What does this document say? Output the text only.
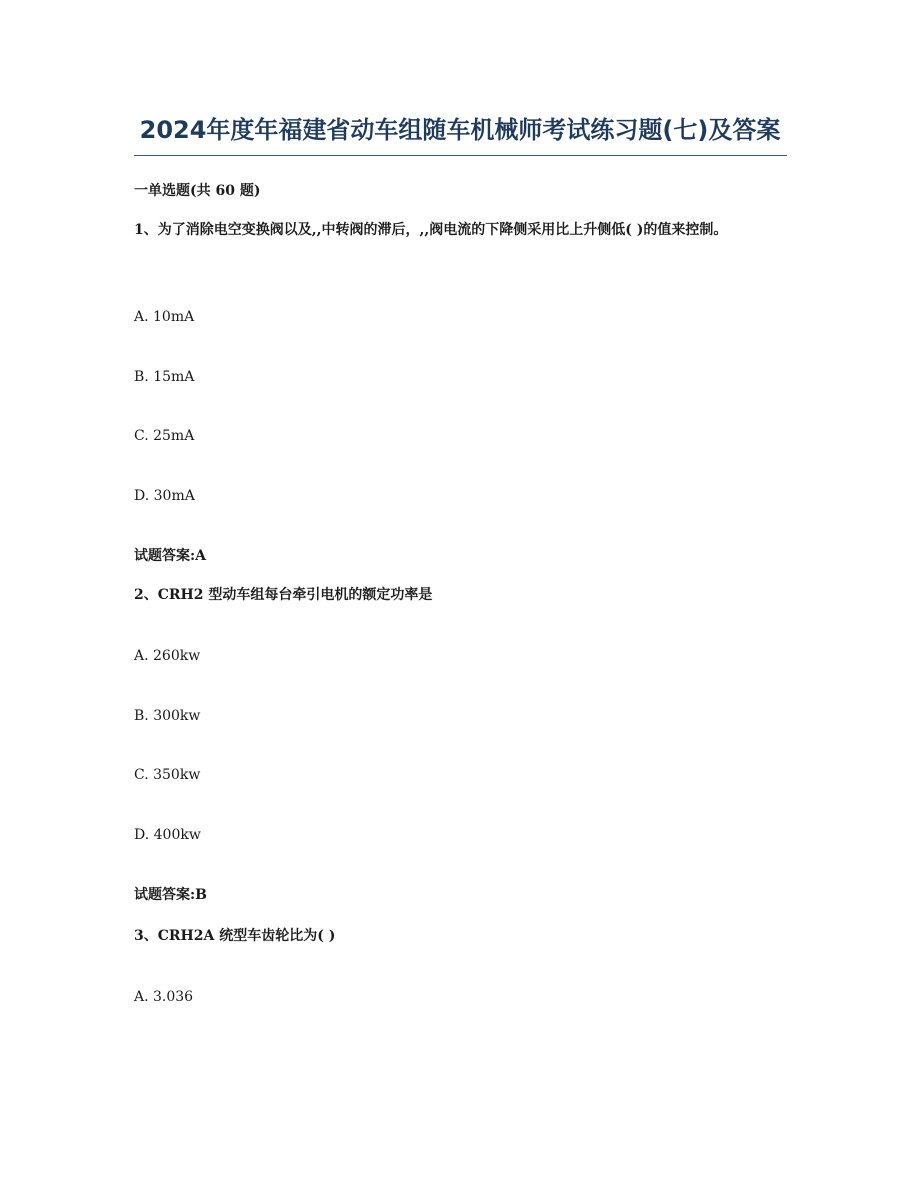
2024年度年福建省动车组随车机械师考试练习题(七)及答案
一单选题(共 60 题)
1、为了消除电空变换阀以及,,中转阀的滞后，,,阀电流的下降侧采用比上升侧低( )的值来控制。
A. 10mA
B. 15mA
C. 25mA
D. 30mA
试题答案:A
2、CRH2 型动车组每台牵引电机的额定功率是
A. 260kw
B. 300kw
C. 350kw
D. 400kw
试题答案:B
3、CRH2A 统型车齿轮比为( )
A. 3.036
